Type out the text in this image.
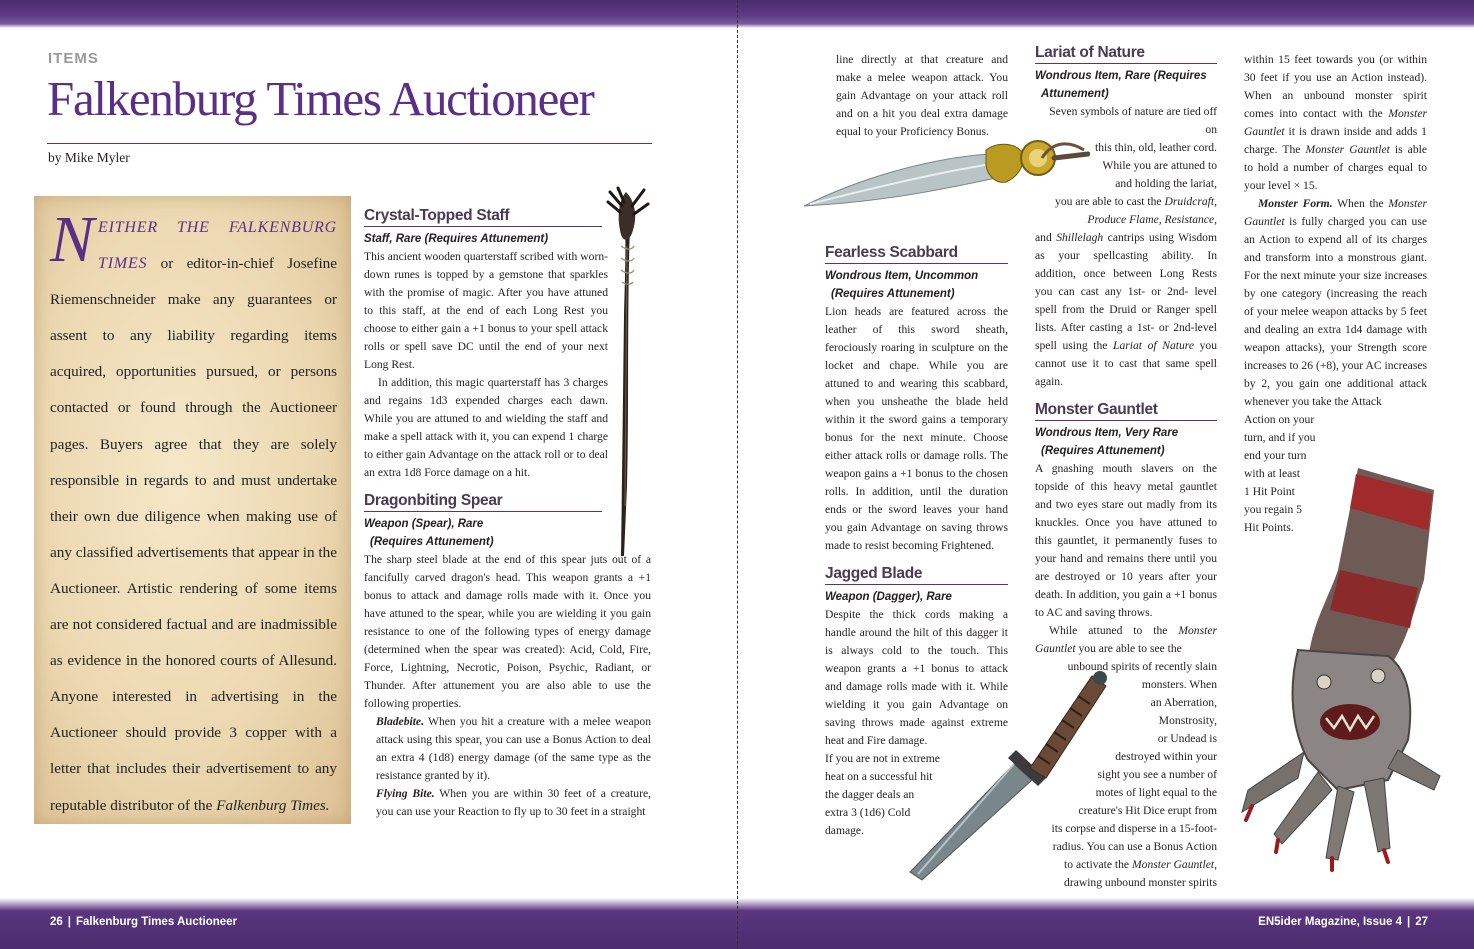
26 | Falkenburg Times Auctioneer	EN5ider Magazine, Issue 4 | 27
ITEMS
Falkenburg Times Auctioneer
by Mike Myler

NEITHER THE FALKENBURG TIMES or editor-in-chief Josefine Riemenschneider make any guarantees or assent to any liability regarding items acquired, opportunities pursued, or persons contacted or found through the Auctioneer pages. Buyers agree that they are solely responsible in regards to and must undertake their own due diligence when making use of any classified advertisements that appear in the Auctioneer. Artistic rendering of some items are not considered factual and are inadmissible as evidence in the honored courts of Allesund. Anyone interested in advertising in the Auctioneer should provide 3 copper with a letter that includes their advertisement to any reputable distributor of the Falkenburg Times.

Crystal-Topped Staff
Staff, Rare (Requires Attunement)

This ancient wooden quarterstaff scribed with worn-down runes is topped by a gemstone that sparkles with the promise of magic. After you have attuned to this staff, at the end of each Long Rest you choose to either gain a +1 bonus to your spell attack rolls or spell save DC until the end of your next Long Rest.

In addition, this magic quarterstaff has 3 charges and regains 1d3 expended charges each dawn. While you are attuned to and wielding the staff and make a spell attack with it, you can expend 1 charge to either gain Advantage on the attack roll or to deal an extra 1d8 Force damage on a hit.

Dragonbiting Spear
Weapon (Spear), Rare
(Requires Attunement)

The sharp steel blade at the end of this spear juts out of a fancifully carved dragon's head. This weapon grants a +1 bonus to attack and damage rolls made with it. Once you have attuned to the spear, while you are wielding it you gain resistance to one of the following types of energy damage (determined when the spear was created): Acid, Cold, Fire, Force, Lightning, Necrotic, Poison, Psychic, Radiant, or Thunder. After attunement you are also able to use the following properties.

Bladebite. When you hit a creature with a melee weapon attack using this spear, you can use a Bonus Action to deal an extra 4 (1d8) energy damage (of the same type as the resistance granted by it).

Flying Bite. When you are within 30 feet of a creature, you can use your Reaction to fly up to 30 feet in a straight

line directly at that creature and make a melee weapon attack. You gain Advantage on your attack roll and on a hit you deal extra damage equal to your Proficiency Bonus.
Fearless Scabbard
Wondrous Item, Uncommon
(Requires Attunement)

Lion heads are featured across the leather of this sword sheath, ferociously roaring in sculpture on the locket and chape. While you are attuned to and wearing this scabbard, when you unsheathe the blade held within it the sword gains a temporary bonus for the next minute. Choose either attack rolls or damage rolls. The weapon gains a +1 bonus to the chosen rolls. In addition, until the duration ends or the sword leaves your hand you gain Advantage on saving throws made to resist becoming Frightened.

Jagged Blade
Weapon (Dagger), Rare

Despite the thick cords making a handle around the hilt of this dagger it is always cold to the touch. This weapon grants a +1 bonus to attack and damage rolls made with it. While wielding it you gain Advantage on saving throws made against extreme heat and Fire damage.

If you are not in extreme
heat on a successful hit
the dagger deals an
extra 3 (1d6) Cold
damage.

Lariat of Nature
Wondrous Item, Rare (Requires
Attunement)

Seven symbols of nature are tied off on
this thin, old, leather cord.
While you are attuned to
and holding the lariat,
you are able to cast the Druidcraft, Produce Flame, Resistance,

and Shillelagh cantrips using Wisdom as your spellcasting ability. In addition, once between Long Rests you can cast any 1st- or 2nd- level spell from the Druid or Ranger spell lists. After casting a 1st- or 2nd-level spell using the Lariat of Nature you cannot use it to cast that same spell again.

Monster Gauntlet
Wondrous Item, Very Rare
(Requires Attunement)

A gnashing mouth slavers on the topside of this heavy metal gauntlet and two eyes stare out madly from its knuckles. Once you have attuned to this gauntlet, it permanently fuses to your hand and remains there until you are destroyed or 10 years after your death. In addition, you gain a +1 bonus to AC and saving throws.

While attuned to the Monster Gauntlet you are able to see the

unbound spirits of recently slain
monsters. When
an Aberration,
Monstrosity,
or Undead is
destroyed within your
sight you see a number of
motes of light equal to the
creature's Hit Dice erupt from
its corpse and disperse in a 15-foot-
radius. You can use a Bonus Action
to activate the Monster Gauntlet,
drawing unbound monster spirits

within 15 feet towards you (or within 30 feet if you use an Action instead). When an unbound monster spirit comes into contact with the Monster Gauntlet it is drawn inside and adds 1 charge. The Monster Gauntlet is able to hold a number of charges equal to your level × 15.

Monster Form. When the Monster Gauntlet is fully charged you can use an Action to expend all of its charges and transform into a monstrous giant. For the next minute your size increases by one category (increasing the reach of your melee weapon attacks by 5 feet and dealing an extra 1d4 damage with weapon attacks), your Strength score increases to 26 (+8), your AC increases by 2, you gain one additional attack whenever you take the Attack

Action on your
turn, and if you
end your turn
with at least
1 Hit Point
you regain 5
Hit Points.
